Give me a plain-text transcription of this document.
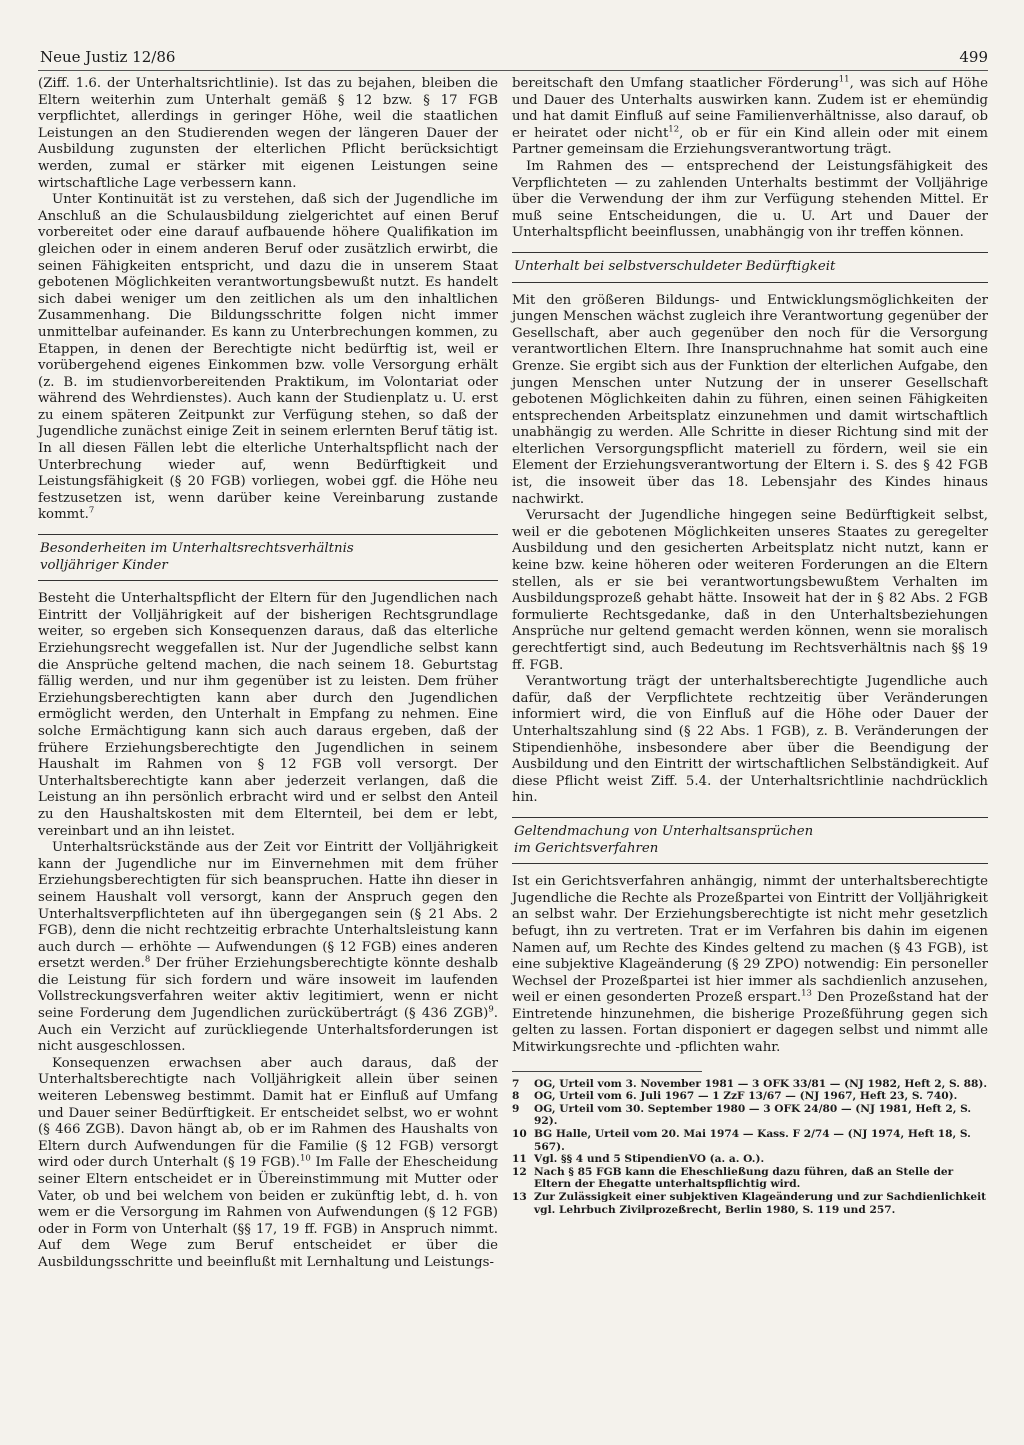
Neue Justiz 12/86	499

(Ziff. 1.6. der Unterhaltsrichtlinie). Ist das zu bejahen, bleiben die Eltern weiterhin zum Unterhalt gemäß § 12 bzw. § 17 FGB verpflichtet, allerdings in geringer Höhe, weil die staatlichen Leistungen an den Studierenden wegen der längeren Dauer der Ausbildung zugunsten der elterlichen Pflicht berücksichtigt werden, zumal er stärker mit eigenen Leistungen seine wirtschaftliche Lage verbessern kann.

Unter Kontinuität ist zu verstehen, daß sich der Jugendliche im Anschluß an die Schulausbildung zielgerichtet auf einen Beruf vorbereitet oder eine darauf aufbauende höhere Qualifikation im gleichen oder in einem anderen Beruf oder zusätzlich erwirbt, die seinen Fähigkeiten entspricht, und dazu die in unserem Staat gebotenen Möglichkeiten verantwortungsbewußt nutzt. Es handelt sich dabei weniger um den zeitlichen als um den inhaltlichen Zusammenhang. Die Bildungsschritte folgen nicht immer unmittelbar aufeinander. Es kann zu Unterbrechungen kommen, zu Etappen, in denen der Berechtigte nicht bedürftig ist, weil er vorübergehend eigenes Einkommen bzw. volle Versorgung erhält (z. B. im studienvorbereitenden Praktikum, im Volontariat oder während des Wehrdienstes). Auch kann der Studienplatz u. U. erst zu einem späteren Zeitpunkt zur Verfügung stehen, so daß der Jugendliche zunächst einige Zeit in seinem erlernten Beruf tätig ist. In all diesen Fällen lebt die elterliche Unterhaltspflicht nach der Unterbrechung wieder auf, wenn Bedürftigkeit und Leistungsfähigkeit (§ 20 FGB) vorliegen, wobei ggf. die Höhe neu festzusetzen ist, wenn darüber keine Vereinbarung zustande kommt.$^7$

Besonderheiten im Unterhaltsrechtsverhältnis
volljähriger Kinder

Besteht die Unterhaltspflicht der Eltern für den Jugendlichen nach Eintritt der Volljährigkeit auf der bisherigen Rechtsgrundlage weiter, so ergeben sich Konsequenzen daraus, daß das elterliche Erziehungsrecht weggefallen ist. Nur der Jugendliche selbst kann die Ansprüche geltend machen, die nach seinem 18. Geburtstag fällig werden, und nur ihm gegenüber ist zu leisten. Dem früher Erziehungsberechtigten kann aber durch den Jugendlichen ermöglicht werden, den Unterhalt in Empfang zu nehmen. Eine solche Ermächtigung kann sich auch daraus ergeben, daß der frühere Erziehungsberechtigte den Jugendlichen in seinem Haushalt im Rahmen von § 12 FGB voll versorgt. Der Unterhaltsberechtigte kann aber jederzeit verlangen, daß die Leistung an ihn persönlich erbracht wird und er selbst den Anteil zu den Haushaltskosten mit dem Elternteil, bei dem er lebt, vereinbart und an ihn leistet.

Unterhaltsrückstände aus der Zeit vor Eintritt der Volljährigkeit kann der Jugendliche nur im Einvernehmen mit dem früher Erziehungsberechtigten für sich beanspruchen. Hatte ihn dieser in seinem Haushalt voll versorgt, kann der Anspruch gegen den Unterhaltsverpflichteten auf ihn übergegangen sein (§ 21 Abs. 2 FGB), denn die nicht rechtzeitig erbrachte Unterhaltsleistung kann auch durch — erhöhte — Aufwendungen (§ 12 FGB) eines anderen ersetzt werden.$^8$ Der früher Erziehungsberechtigte könnte deshalb die Leistung für sich fordern und wäre insoweit im laufenden Vollstreckungsverfahren weiter aktiv legitimiert, wenn er nicht seine Forderung dem Jugendlichen zurückübertrágt (§ 436 ZGB)$^9$. Auch ein Verzicht auf zurückliegende Unterhaltsforderungen ist nicht ausgeschlossen.

Konsequenzen erwachsen aber auch daraus, daß der Unterhaltsberechtigte nach Volljährigkeit allein über seinen weiteren Lebensweg bestimmt. Damit hat er Einfluß auf Umfang und Dauer seiner Bedürftigkeit. Er entscheidet selbst, wo er wohnt (§ 466 ZGB). Davon hängt ab, ob er im Rahmen des Haushalts von Eltern durch Aufwendungen für die Familie (§ 12 FGB) versorgt wird oder durch Unterhalt (§ 19 FGB).$^{10}$ Im Falle der Ehescheidung seiner Eltern entscheidet er in Übereinstimmung mit Mutter oder Vater, ob und bei welchem von beiden er zukünftig lebt, d. h. von wem er die Versorgung im Rahmen von Aufwendungen (§ 12 FGB) oder in Form von Unterhalt (§§ 17, 19 ff. FGB) in Anspruch nimmt. Auf dem Wege zum Beruf entscheidet er über die Ausbildungsschritte und beeinflußt mit Lernhaltung und Leistungs-

bereitschaft den Umfang staatlicher Förderung$^{11}$, was sich auf Höhe und Dauer des Unterhalts auswirken kann. Zudem ist er ehemündig und hat damit Einfluß auf seine Familienverhältnisse, also darauf, ob er heiratet oder nicht$^{12}$, ob er für ein Kind allein oder mit einem Partner gemeinsam die Erziehungsverantwortung trägt.

Im Rahmen des — entsprechend der Leistungsfähigkeit des Verpflichteten — zu zahlenden Unterhalts bestimmt der Volljährige über die Verwendung der ihm zur Verfügung stehenden Mittel. Er muß seine Entscheidungen, die u. U. Art und Dauer der Unterhaltspflicht beeinflussen, unabhängig von ihr treffen können.

Unterhalt bei selbstverschuldeter Bedürftigkeit

Mit den größeren Bildungs- und Entwicklungsmöglichkeiten der jungen Menschen wächst zugleich ihre Verantwortung gegenüber der Gesellschaft, aber auch gegenüber den noch für die Versorgung verantwortlichen Eltern. Ihre Inanspruchnahme hat somit auch eine Grenze. Sie ergibt sich aus der Funktion der elterlichen Aufgabe, den jungen Menschen unter Nutzung der in unserer Gesellschaft gebotenen Möglichkeiten dahin zu führen, einen seinen Fähigkeiten entsprechenden Arbeitsplatz einzunehmen und damit wirtschaftlich unabhängig zu werden. Alle Schritte in dieser Richtung sind mit der elterlichen Versorgungspflicht materiell zu fördern, weil sie ein Element der Erziehungsverantwortung der Eltern i. S. des § 42 FGB ist, die insoweit über das 18. Lebensjahr des Kindes hinaus nachwirkt.

Verursacht der Jugendliche hingegen seine Bedürftigkeit selbst, weil er die gebotenen Möglichkeiten unseres Staates zu geregelter Ausbildung und den gesicherten Arbeitsplatz nicht nutzt, kann er keine bzw. keine höheren oder weiteren Forderungen an die Eltern stellen, als er sie bei verantwortungsbewußtem Verhalten im Ausbildungsprozeß gehabt hätte. Insoweit hat der in § 82 Abs. 2 FGB formulierte Rechtsgedanke, daß in den Unterhaltsbeziehungen Ansprüche nur geltend gemacht werden können, wenn sie moralisch gerechtfertigt sind, auch Bedeutung im Rechtsverhältnis nach §§ 19 ff. FGB.

Verantwortung trägt der unterhaltsberechtigte Jugendliche auch dafür, daß der Verpflichtete rechtzeitig über Veränderungen informiert wird, die von Einfluß auf die Höhe oder Dauer der Unterhaltszahlung sind (§ 22 Abs. 1 FGB), z. B. Veränderungen der Stipendienhöhe, insbesondere aber über die Beendigung der Ausbildung und den Eintritt der wirtschaftlichen Selbständigkeit. Auf diese Pflicht weist Ziff. 5.4. der Unterhaltsrichtlinie nachdrücklich hin.

Geltendmachung von Unterhaltsansprüchen
im Gerichtsverfahren

Ist ein Gerichtsverfahren anhängig, nimmt der unterhaltsberechtigte Jugendliche die Rechte als Prozeßpartei von Eintritt der Volljährigkeit an selbst wahr. Der Erziehungsberechtigte ist nicht mehr gesetzlich befugt, ihn zu vertreten. Trat er im Verfahren bis dahin im eigenen Namen auf, um Rechte des Kindes geltend zu machen (§ 43 FGB), ist eine subjektive Klageänderung (§ 29 ZPO) notwendig: Ein personeller Wechsel der Prozeßpartei ist hier immer als sachdienlich anzusehen, weil er einen gesonderten Prozeß erspart.$^{13}$ Den Prozeßstand hat der Eintretende hinzunehmen, die bisherige Prozeßführung gegen sich gelten zu lassen. Fortan disponiert er dagegen selbst und nimmt alle Mitwirkungsrechte und -pflichten wahr.

7	OG, Urteil vom 3. November 1981 — 3 OFK 33/81 — (NJ 1982, Heft 2, S. 88).
8	OG, Urteil vom 6. Juli 1967 — 1 ZzF 13/67 — (NJ 1967, Heft 23, S. 740).
9	OG, Urteil vom 30. September 1980 — 3 OFK 24/80 — (NJ 1981, Heft 2, S. 92).
10 BG Halle, Urteil vom 20. Mai 1974 — Kass. F 2/74 — (NJ 1974, Heft 18, S. 567).
11 Vgl. §§ 4 und 5 StipendienVO (a. a. O.).
12 Nach § 85 FGB kann die Eheschließung dazu führen, daß an Stelle der Eltern der Ehegatte unterhaltspflichtig wird.
13 Zur Zulässigkeit einer subjektiven Klageänderung und zur Sachdienlichkeit vgl. Lehrbuch Zivilprozeßrecht, Berlin 1980, S. 119 und 257.
